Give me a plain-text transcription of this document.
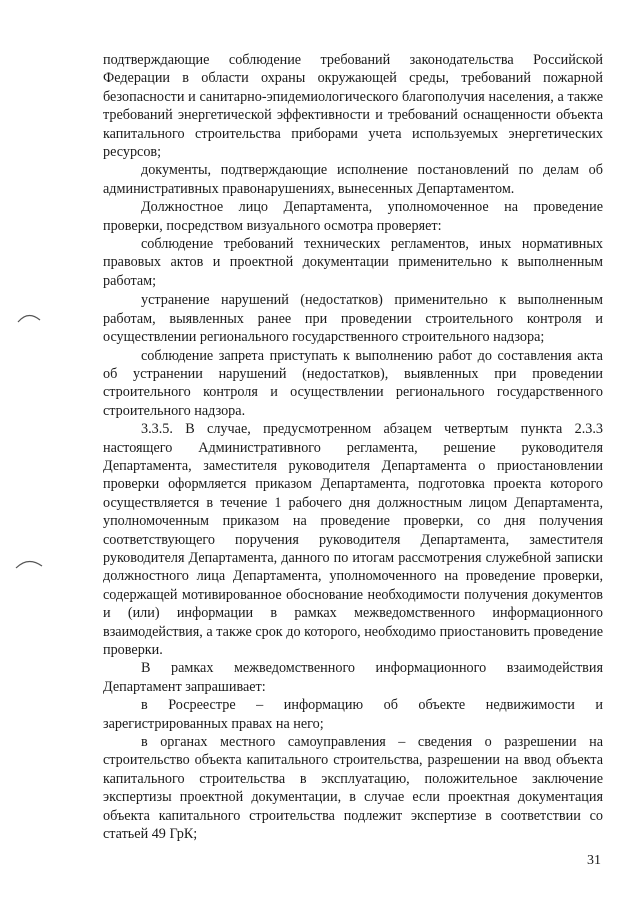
подтверждающие соблюдение требований законодательства Российской Федерации в области охраны окружающей среды, требований пожарной безопасности и санитарно-эпидемиологического благополучия населения, а также требований энергетической эффективности и требований оснащенности объекта капитального строительства приборами учета используемых энергетических ресурсов;

документы, подтверждающие исполнение постановлений по делам об административных правонарушениях, вынесенных Департаментом.

Должностное лицо Департамента, уполномоченное на проведение проверки, посредством визуального осмотра проверяет:

соблюдение требований технических регламентов, иных нормативных правовых актов и проектной документации применительно к выполненным работам;

устранение нарушений (недостатков) применительно к выполненным работам, выявленных ранее при проведении строительного контроля и осуществлении регионального государственного строительного надзора;

соблюдение запрета приступать к выполнению работ до составления акта об устранении нарушений (недостатков), выявленных при проведении строительного контроля и осуществлении регионального государственного строительного надзора.

3.3.5. В случае, предусмотренном абзацем четвертым пункта 2.3.3 настоящего Административного регламента, решение руководителя Департамента, заместителя руководителя Департамента о приостановлении проверки оформляется приказом Департамента, подготовка проекта которого осуществляется в течение 1 рабочего дня должностным лицом Департамента, уполномоченным приказом на проведение проверки, со дня получения соответствующего поручения руководителя Департамента, заместителя руководителя Департамента, данного по итогам рассмотрения служебной записки должностного лица Департамента, уполномоченного на проведение проверки, содержащей мотивированное обоснование необходимости получения документов и (или) информации в рамках межведомственного информационного взаимодействия, а также срок до которого, необходимо приостановить проведение проверки.

В рамках межведомственного информационного взаимодействия Департамент запрашивает:

в Росреестре – информацию об объекте недвижимости и зарегистрированных правах на него;

в органах местного самоуправления – сведения о разрешении на строительство объекта капитального строительства, разрешении на ввод объекта капитального строительства в эксплуатацию, положительное заключение экспертизы проектной документации, в случае если проектная документация объекта капитального строительства подлежит экспертизе в соответствии со статьей 49 ГрК;

31
